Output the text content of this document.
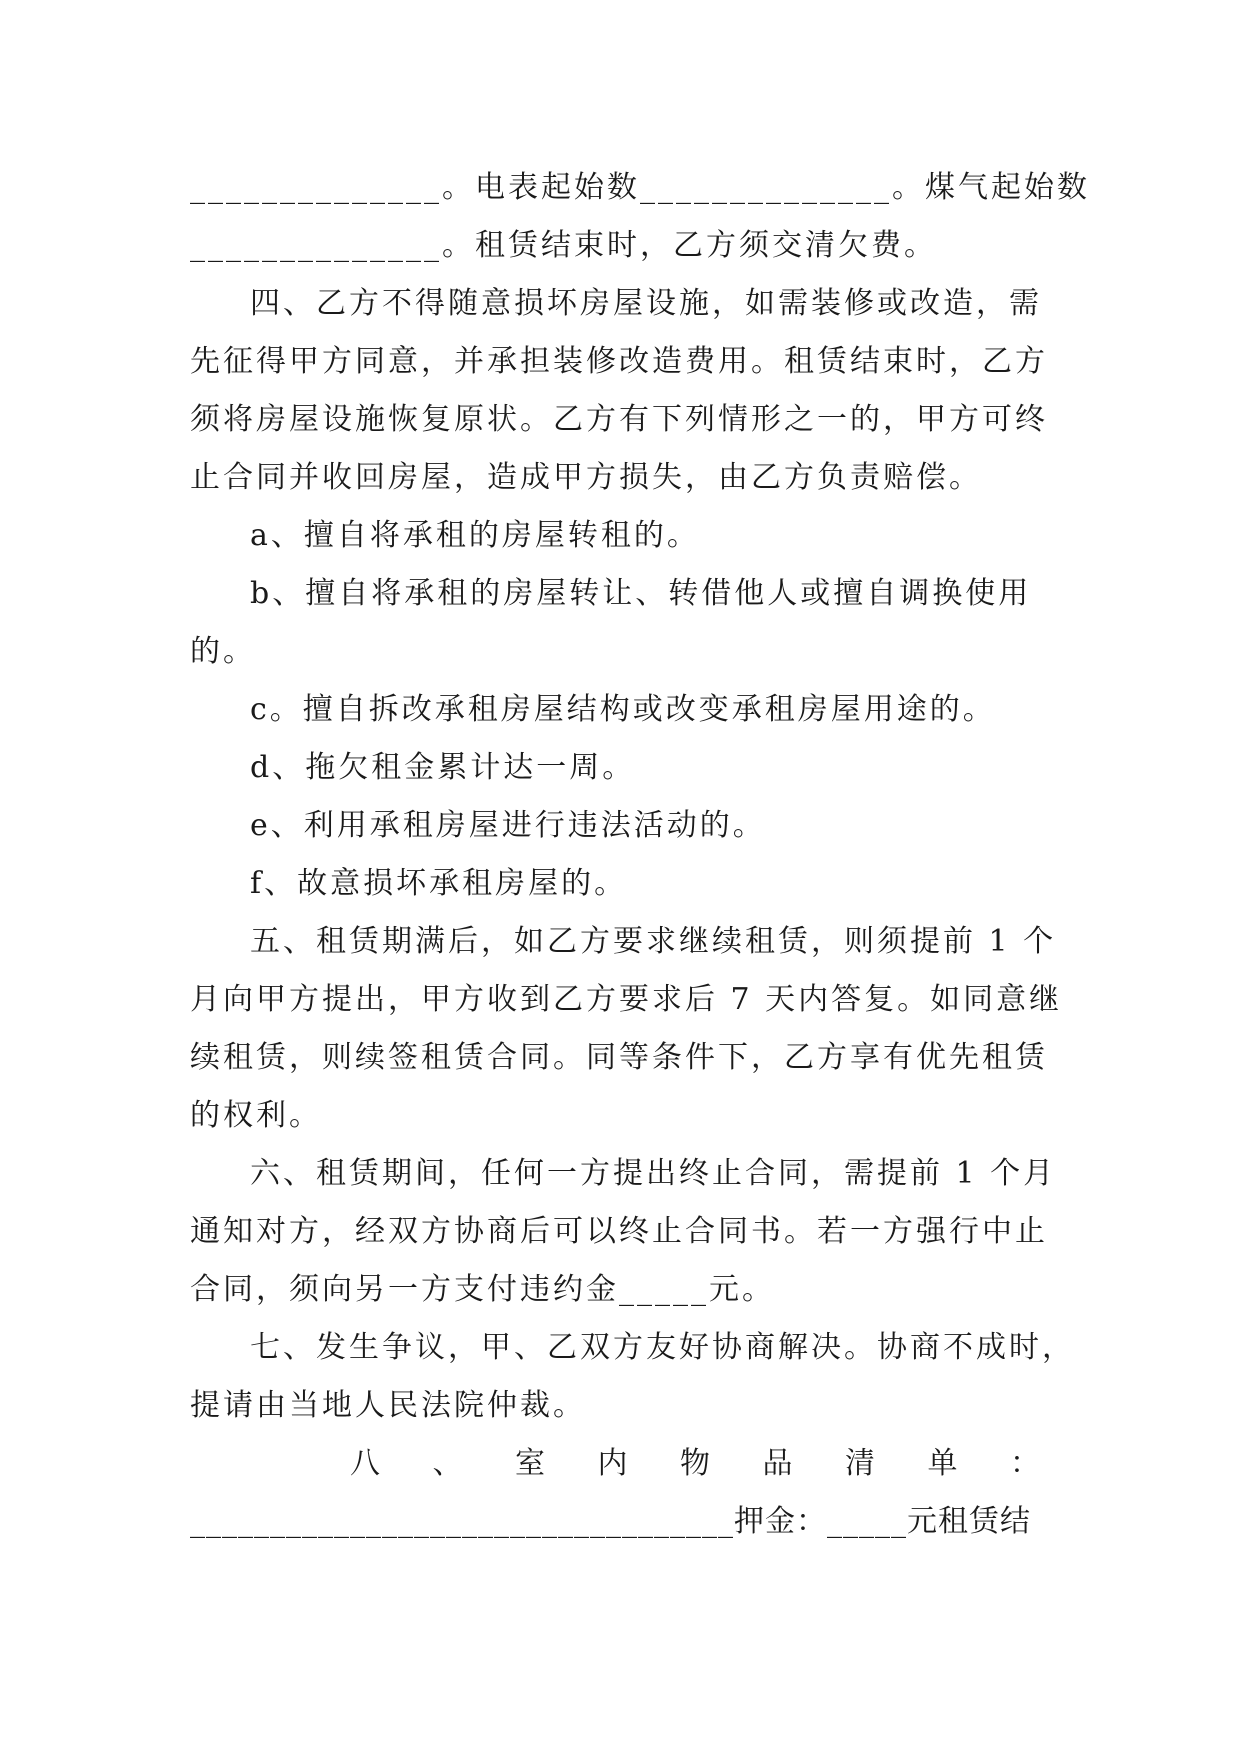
______________。电表起始数______________。煤气起始数
______________。租赁结束时，乙方须交清欠费。
四、乙方不得随意损坏房屋设施，如需装修或改造，需
先征得甲方同意，并承担装修改造费用。租赁结束时，乙方
须将房屋设施恢复原状。乙方有下列情形之一的，甲方可终
止合同并收回房屋，造成甲方损失，由乙方负责赔偿。
a、擅自将承租的房屋转租的。
b、擅自将承租的房屋转让、转借他人或擅自调换使用
的。
c。擅自拆改承租房屋结构或改变承租房屋用途的。
d、拖欠租金累计达一周。
e、利用承租房屋进行违法活动的。
f、故意损坏承租房屋的。
五、租赁期满后，如乙方要求继续租赁，则须提前 1 个
月向甲方提出，甲方收到乙方要求后 7 天内答复。如同意继
续租赁，则续签租赁合同。同等条件下，乙方享有优先租赁
的权利。
六、租赁期间，任何一方提出终止合同，需提前 1 个月
通知对方，经双方协商后可以终止合同书。若一方强行中止
合同，须向另一方支付违约金_____元。
七、发生争议，甲、乙双方友好协商解决。协商不成时，
提请由当地人民法院仲裁。
八 、 室 内 物 品 清 单 ：
__________________________________押金：_____元租赁结
